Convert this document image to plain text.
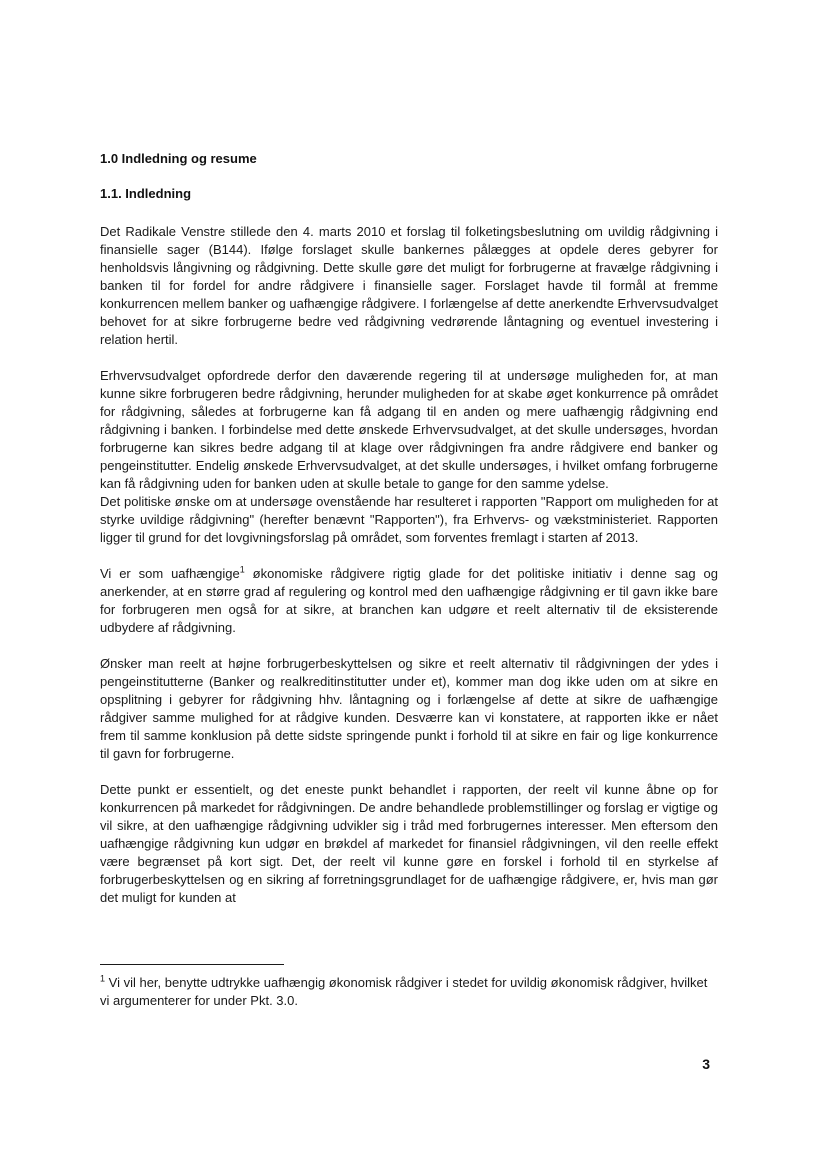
1.0 Indledning og resume

1.1. Indledning

Det Radikale Venstre stillede den 4. marts 2010 et forslag til folketingsbeslutning om uvildig rådgivning i finansielle sager (B144). Ifølge forslaget skulle bankernes pålægges at opdele deres gebyrer for henholdsvis långivning og rådgivning. Dette skulle gøre det muligt for forbrugerne at fravælge rådgivning i banken til for fordel for andre rådgivere i finansielle sager. Forslaget havde til formål at fremme konkurrencen mellem banker og uafhængige rådgivere. I forlængelse af dette anerkendte Erhvervsudvalget behovet for at sikre forbrugerne bedre ved rådgivning vedrørende låntagning og eventuel investering i relation hertil.

Erhvervsudvalget opfordrede derfor den daværende regering til at undersøge muligheden for, at man kunne sikre forbrugeren bedre rådgivning, herunder muligheden for at skabe øget konkurrence på området for rådgivning, således at forbrugerne kan få adgang til en anden og mere uafhængig rådgivning end rådgivning i banken. I forbindelse med dette ønskede Erhvervsudvalget, at det skulle undersøges, hvordan forbrugerne kan sikres bedre adgang til at klage over rådgivningen fra andre rådgivere end banker og pengeinstitutter. Endelig ønskede Erhvervsudvalget, at det skulle undersøges, i hvilket omfang forbrugerne kan få rådgivning uden for banken uden at skulle betale to gange for den samme ydelse.

Det politiske ønske om at undersøge ovenstående har resulteret i rapporten "Rapport om muligheden for at styrke uvildige rådgivning" (herefter benævnt "Rapporten"), fra Erhvervs- og vækstministeriet. Rapporten ligger til grund for det lovgivningsforslag på området, som forventes fremlagt i starten af 2013.

Vi er som uafhængige$^1$ økonomiske rådgivere rigtig glade for det politiske initiativ i denne sag og anerkender, at en større grad af regulering og kontrol med den uafhængige rådgivning er til gavn ikke bare for forbrugeren men også for at sikre, at branchen kan udgøre et reelt alternativ til de eksisterende udbydere af rådgivning.

Ønsker man reelt at højne forbrugerbeskyttelsen og sikre et reelt alternativ til rådgivningen der ydes i pengeinstitutterne (Banker og realkreditinstitutter under et), kommer man dog ikke uden om at sikre en opsplitning i gebyrer for rådgivning hhv. låntagning og i forlængelse af dette at sikre de uafhængige rådgiver samme mulighed for at rådgive kunden. Desværre kan vi konstatere, at rapporten ikke er nået frem til samme konklusion på dette sidste springende punkt i forhold til at sikre en fair og lige konkurrence til gavn for forbrugerne.

Dette punkt er essentielt, og det eneste punkt behandlet i rapporten, der reelt vil kunne åbne op for konkurrencen på markedet for rådgivningen. De andre behandlede problemstillinger og forslag er vigtige og vil sikre, at den uafhængige rådgivning udvikler sig i tråd med forbrugernes interesser. Men eftersom den uafhængige rådgivning kun udgør en brøkdel af markedet for finansiel rådgivningen, vil den reelle effekt være begrænset på kort sigt. Det, der reelt vil kunne gøre en forskel i forhold til en styrkelse af forbrugerbeskyttelsen og en sikring af forretningsgrundlaget for de uafhængige rådgivere, er, hvis man gør det muligt for kunden at

$^1$ Vi vil her, benytte udtrykke uafhængig økonomisk rådgiver i stedet for uvildig økonomisk rådgiver, hvilket vi argumenterer for under Pkt. 3.0.

3
